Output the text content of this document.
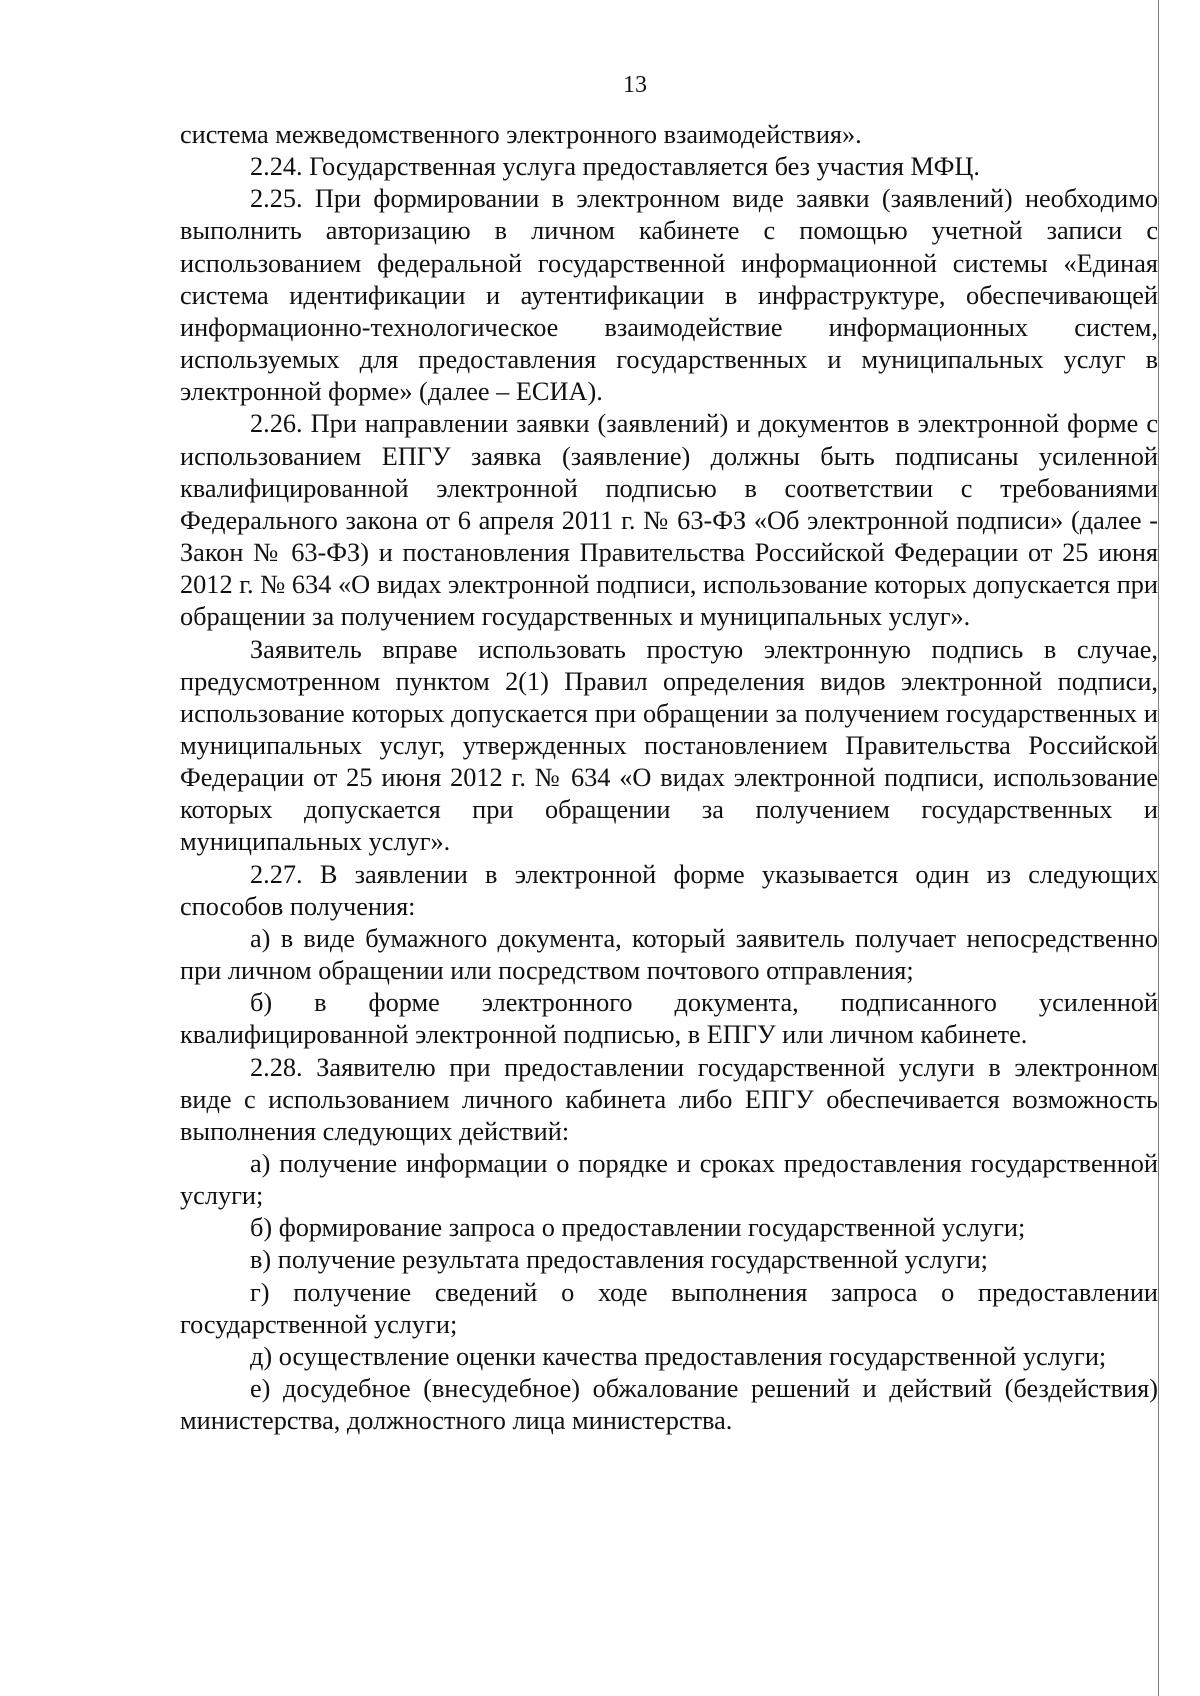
13

система межведомственного электронного взаимодействия».

2.24. Государственная услуга предоставляется без участия МФЦ.

2.25. При формировании в электронном виде заявки (заявлений) необходимо выполнить авторизацию в личном кабинете с помощью учетной записи с использованием федеральной государственной информационной системы «Единая система идентификации и аутентификации в инфраструктуре, обеспечивающей информационно-технологическое взаимодействие информационных систем, используемых для предоставления государственных и муниципальных услуг в электронной форме» (далее – ЕСИА).

2.26. При направлении заявки (заявлений) и документов в электронной форме с использованием ЕПГУ заявка (заявление) должны быть подписаны усиленной квалифицированной электронной подписью в соответствии с требованиями Федерального закона от 6 апреля 2011 г. № 63-ФЗ «Об электронной подписи» (далее - Закон № 63-ФЗ) и постановления Правительства Российской Федерации от 25 июня 2012 г. № 634 «О видах электронной подписи, использование которых допускается при обращении за получением государственных и муниципальных услуг».

Заявитель вправе использовать простую электронную подпись в случае, предусмотренном пунктом 2(1) Правил определения видов электронной подписи, использование которых допускается при обращении за получением государственных и муниципальных услуг, утвержденных постановлением Правительства Российской Федерации от 25 июня 2012 г. № 634 «О видах электронной подписи, использование которых допускается при обращении за получением государственных и муниципальных услуг».

2.27. В заявлении в электронной форме указывается один из следующих способов получения:

а) в виде бумажного документа, который заявитель получает непосредственно при личном обращении или посредством почтового отправления;

б) в форме электронного документа, подписанного усиленной квалифицированной электронной подписью, в ЕПГУ или личном кабинете.

2.28. Заявителю при предоставлении государственной услуги в электронном виде с использованием личного кабинета либо ЕПГУ обеспечивается возможность выполнения следующих действий:

а) получение информации о порядке и сроках предоставления государственной услуги;

б) формирование запроса о предоставлении государственной услуги;

в) получение результата предоставления государственной услуги;

г) получение сведений о ходе выполнения запроса о предоставлении государственной услуги;

д) осуществление оценки качества предоставления государственной услуги;

е) досудебное (внесудебное) обжалование решений и действий (бездействия) министерства, должностного лица министерства.
